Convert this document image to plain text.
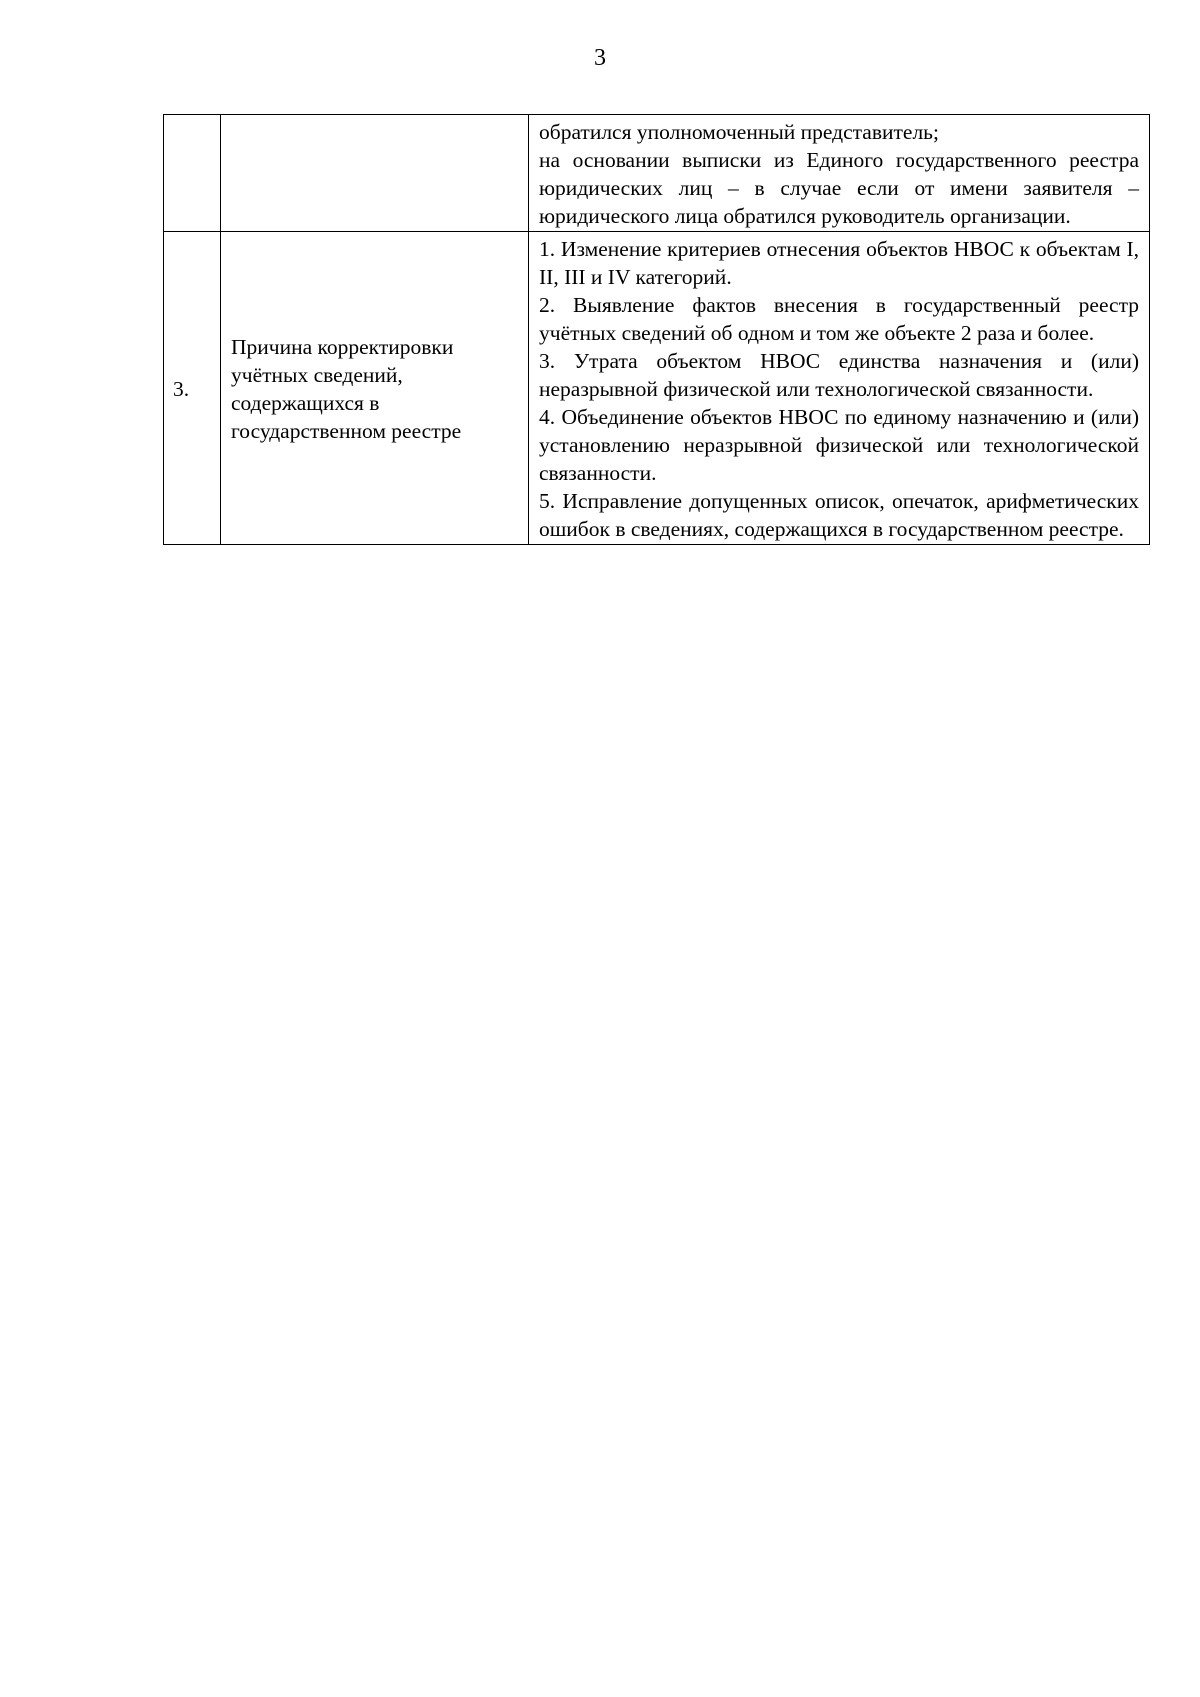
3

		обратился уполномоченный представитель;

на основании выписки из Единого государственного реестра юридических лиц – в случае если от имени заявителя – юридического лица обратился руководитель организации.

3.	Причина корректировки учётных сведений, содержащихся в государственном реестре	1. Изменение критериев отнесения объектов НВОС к объектам I, II, III и IV категорий.

2. Выявление фактов внесения в государственный реестр учётных сведений об одном и том же объекте 2 раза и более.

3. Утрата объектом НВОС единства назначения и (или) неразрывной физической или технологической связанности.

4. Объединение объектов НВОС по единому назначению и (или) установлению неразрывной физической или технологической связанности.

5. Исправление допущенных описок, опечаток, арифметических ошибок в сведениях, содержащихся в государственном реестре.
